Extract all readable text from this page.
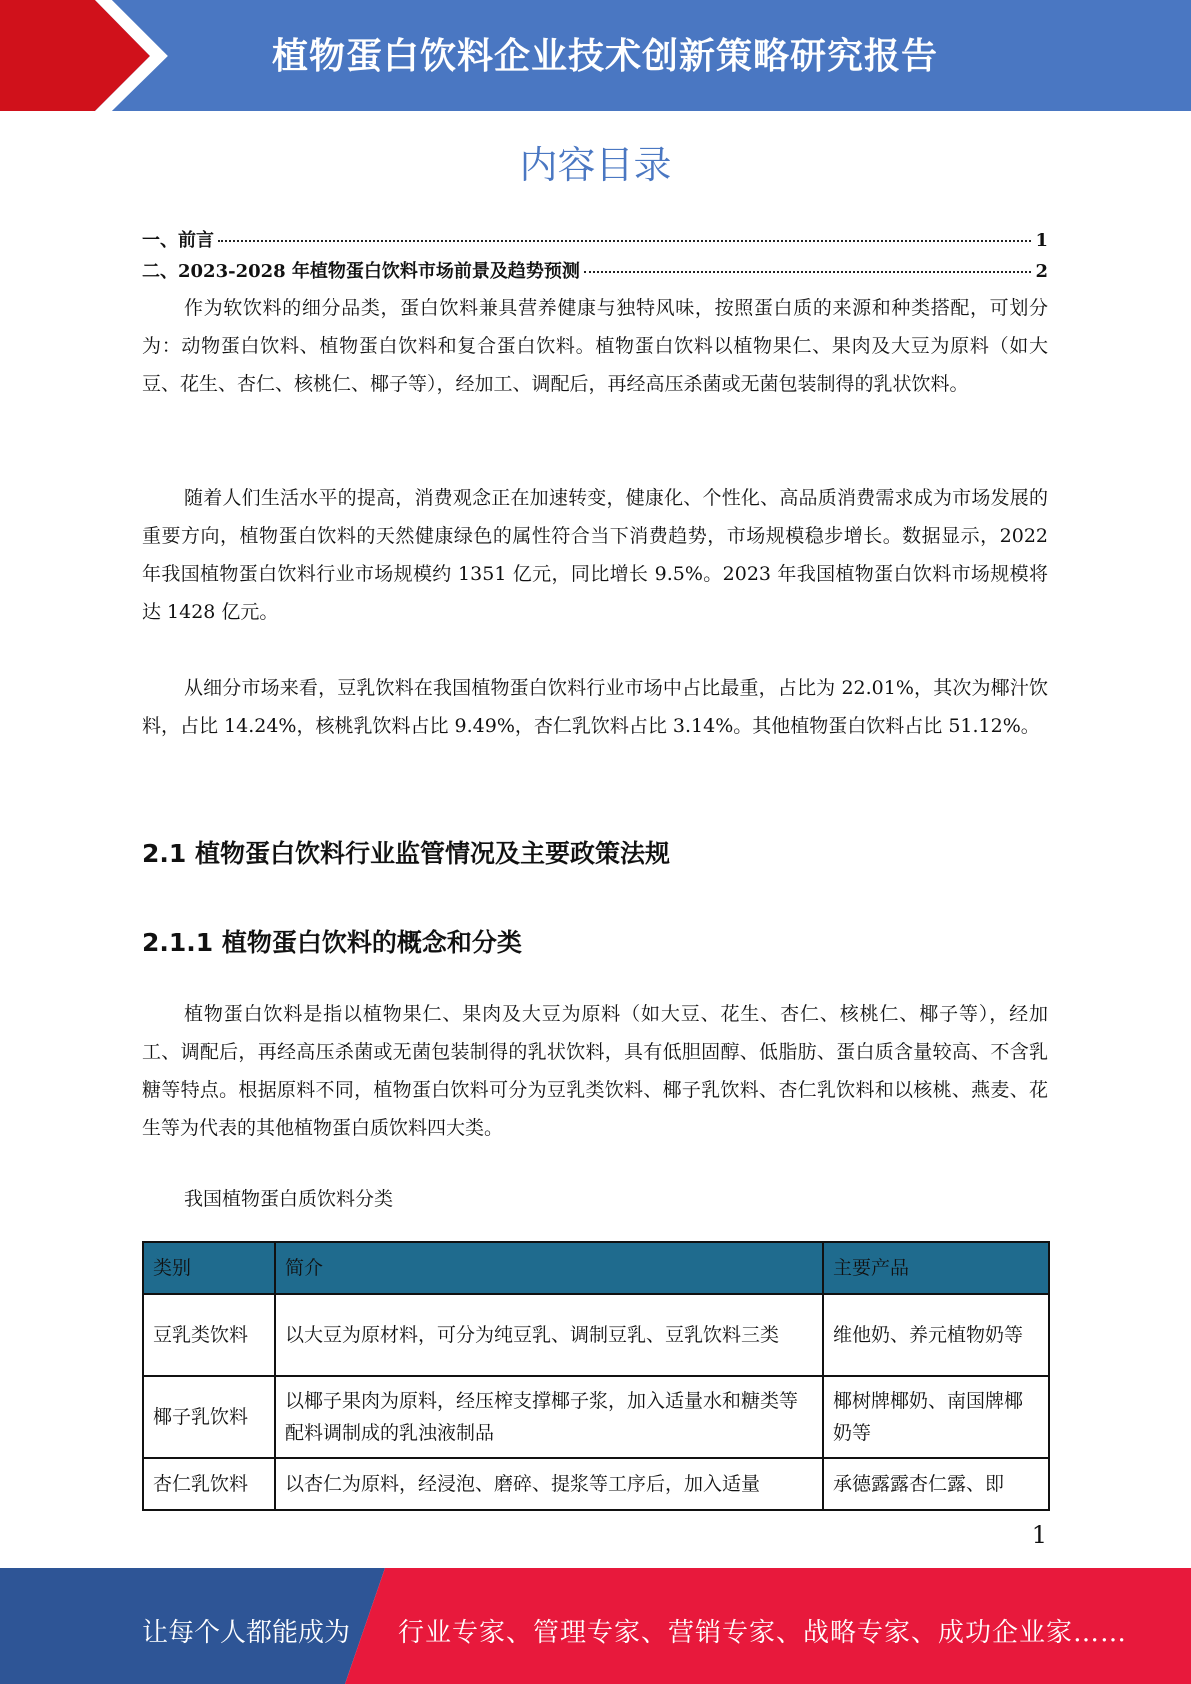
植物蛋白饮料企业技术创新策略研究报告
内容目录
一、前言	1
二、2023-2028 年植物蛋白饮料市场前景及趋势预测	2

作为软饮料的细分品类，蛋白饮料兼具营养健康与独特风味，按照蛋白质的来源和种类搭配，可划分为：动物蛋白饮料、植物蛋白饮料和复合蛋白饮料。植物蛋白饮料以植物果仁、果肉及大豆为原料（如大豆、花生、杏仁、核桃仁、椰子等），经加工、调配后，再经高压杀菌或无菌包装制得的乳状饮料。

随着人们生活水平的提高，消费观念正在加速转变，健康化、个性化、高品质消费需求成为市场发展的重要方向，植物蛋白饮料的天然健康绿色的属性符合当下消费趋势，市场规模稳步增长。数据显示，2022 年我国植物蛋白饮料行业市场规模约 1351 亿元，同比增长 9.5%。2023 年我国植物蛋白饮料市场规模将达 1428 亿元。

从细分市场来看，豆乳饮料在我国植物蛋白饮料行业市场中占比最重，占比为 22.01%，其次为椰汁饮料，占比 14.24%，核桃乳饮料占比 9.49%，杏仁乳饮料占比 3.14%。其他植物蛋白饮料占比 51.12%。

2.1 植物蛋白饮料行业监管情况及主要政策法规
2.1.1 植物蛋白饮料的概念和分类

植物蛋白饮料是指以植物果仁、果肉及大豆为原料（如大豆、花生、杏仁、核桃仁、椰子等），经加工、调配后，再经高压杀菌或无菌包装制得的乳状饮料，具有低胆固醇、低脂肪、蛋白质含量较高、不含乳糖等特点。根据原料不同，植物蛋白饮料可分为豆乳类饮料、椰子乳饮料、杏仁乳饮料和以核桃、燕麦、花生等为代表的其他植物蛋白质饮料四大类。

我国植物蛋白质饮料分类
类别	简介	主要产品
豆乳类饮料	以大豆为原材料，可分为纯豆乳、调制豆乳、豆乳饮料三类	维他奶、养元植物奶等
椰子乳饮料	以椰子果肉为原料，经压榨支撑椰子浆，加入适量水和糖类等配料调制成的乳浊液制品	椰树牌椰奶、南国牌椰奶等
杏仁乳饮料	以杏仁为原料，经浸泡、磨碎、提浆等工序后，加入适量	承德露露杏仁露、即
1
让每个人都能成为 行业专家、管理专家、营销专家、战略专家、成功企业家……
